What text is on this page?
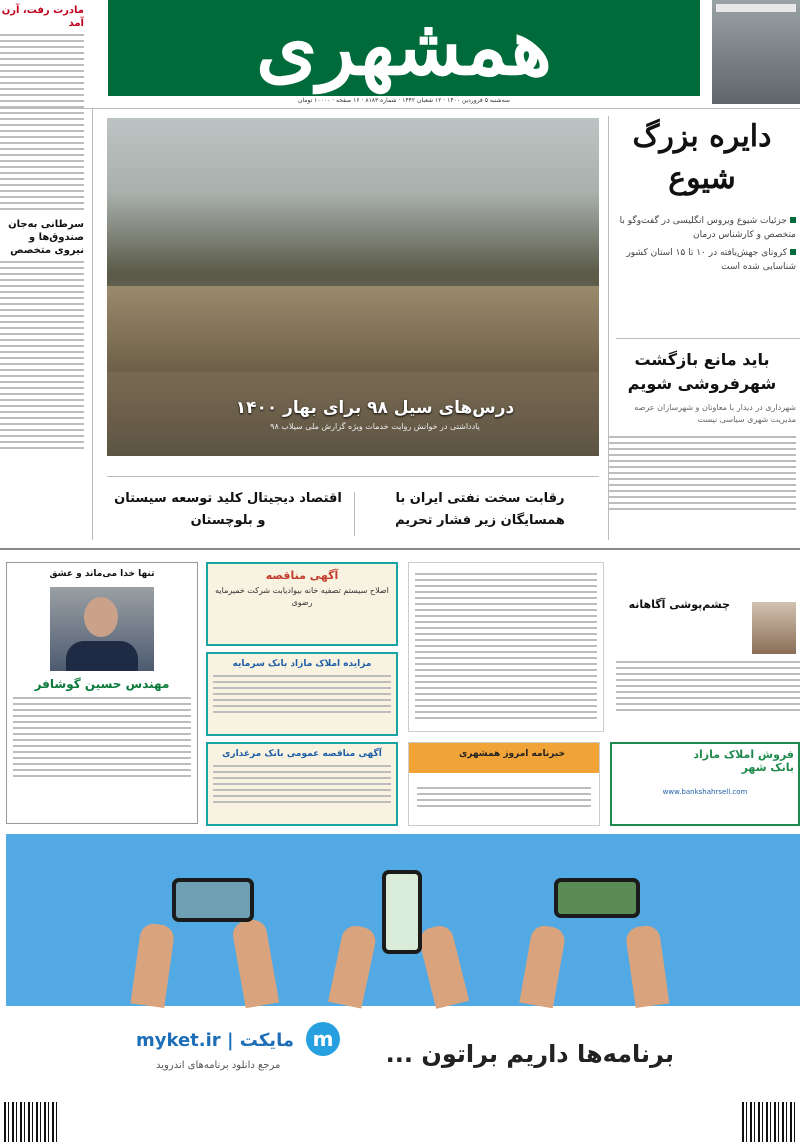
همشهری
سه‌شنبه ۵ فروردین ۱۴۰۰ · ۱۲ شعبان ۱۴۴۲ · شماره ۸۱۸۳ · ۱۶ صفحه · ۱۰۰۰۰ تومان

مادرت رفت، آرن آمد
سرطانی به‌جان صندوق‌ها و نیروی متخصص
درس‌های سیل ۹۸ برای بهار ۱۴۰۰
یادداشتی در خوانش روایت خدمات ویژه گزارش ملی سیلاب ۹۸
دایره بزرگ شیوع
جزئیات شیوع ویروس انگلیسی در گفت‌وگو با متخصص و کارشناس درمان
کرونای جهش‌یافته در ۱۰ تا ۱۵ استان کشور شناسایی شده است
باید مانع بازگشت شهرفروشی شویم
شهرداری در دیدار با معاونان و شهرسازان عرصه مدیریت شهری سیاسی نیست
رقابت سخت نفتی ایران با همسایگان زیر فشار تحریم
اقتصاد دیجیتال کلید توسعه سیستان و بلوچستان
تنها خدا می‌ماند و عشق
مهندس حسین گوشافر
آگهی مناقصه
اصلاح سیستم تصفیه خانه بیوادیابت شرکت خمیرمایه رضوی
مزایده املاک مازاد بانک سرمایه
آگهی مناقصه عمومی بانک مرغداری
چشم‌پوشی آگاهانه
خبرنامه امروز همشهری	فروش املاک مازاد
بانک شهر
www.bankshahrsell.com
برنامه‌ها داریم براتون ...
myket.ir | مایکت m
مرجع دانلود برنامه‌های اندروید
